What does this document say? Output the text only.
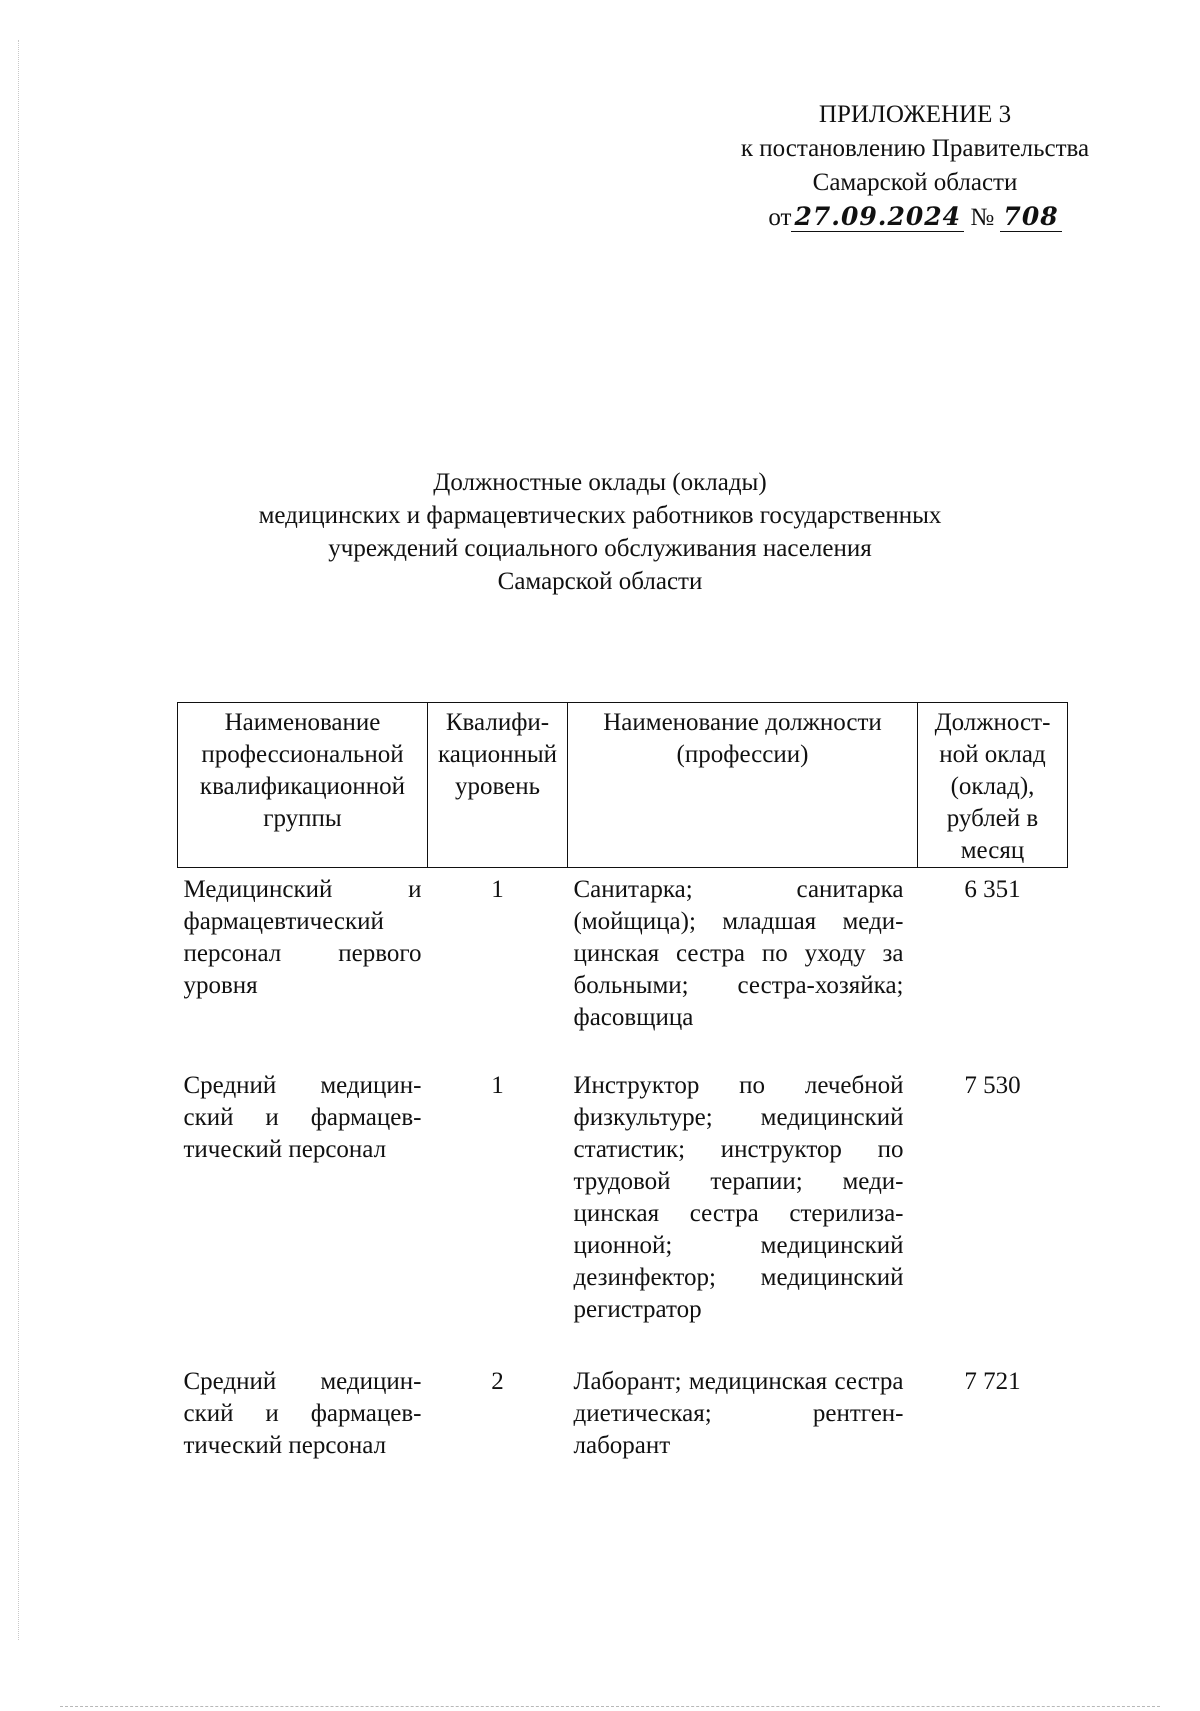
ПРИЛОЖЕНИЕ 3
к постановлению Правительства
Самарской области
от 27.09.2024 № 708
Должностные оклады (оклады)
медицинских и фармацевтических работников государственных
учреждений социального обслуживания населения
Самарской области
Наименование профессиональной квалификационной группы	Квалифи-кационный уровень	Наименование должности (профессии)	Должност-ной оклад (оклад), рублей в месяц
Медицинский и фармацевтический персонал первого уровня	1	Санитарка; санитарка (мойщица); младшая меди-цинская сестра по уходу за больными; сестра-хозяйка; фасовщица	6 351
Средний медицин-ский и фармацев-тический персонал	1	Инструктор по лечебной физкультуре; медицинский статистик; инструктор по трудовой терапии; меди-цинская сестра стерилиза-ционной; медицинский дезинфектор; медицинский регистратор	7 530
Средний медицин-ский и фармацев-тический персонал	2	Лаборант; медицинская сестра диетическая; рентген-лаборант	7 721
